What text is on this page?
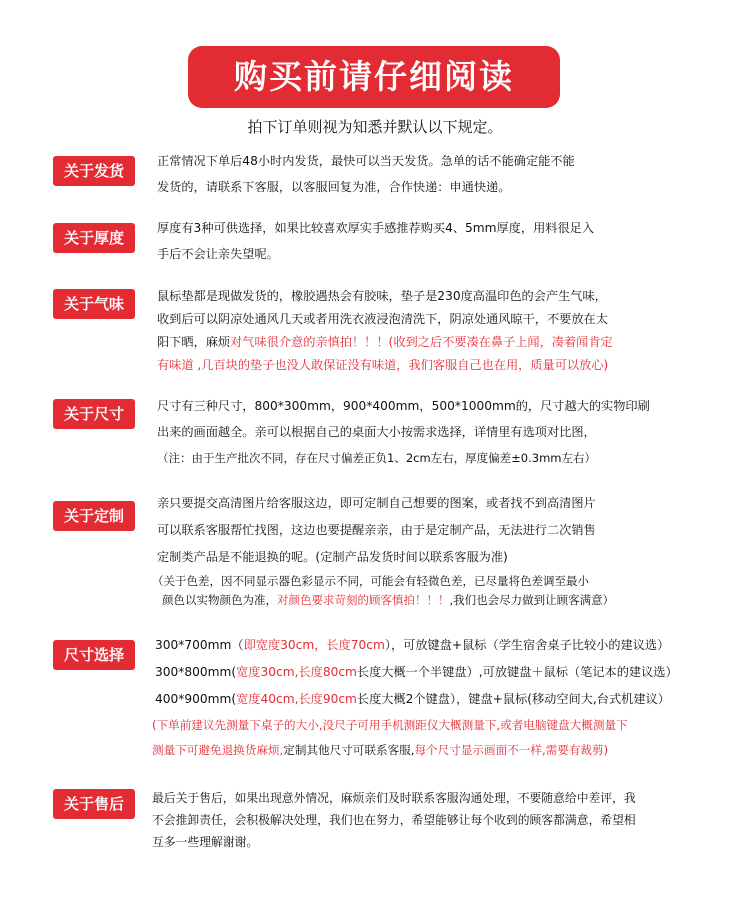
购买前请仔细阅读
拍下订单则视为知悉并默认以下规定。
关于发货
正常情况下单后48小时内发货，最快可以当天发货。急单的话不能确定能不能
发货的，请联系下客服，以客服回复为准，合作快递：申通快递。
关于厚度
厚度有3种可供选择，如果比较喜欢厚实手感推荐购买4、5mm厚度，用料很足入
手后不会让亲失望呢。
关于气味	鼠标垫都是现做发货的，橡胶遇热会有胶味，垫子是230度高温印色的会产生气味，
收到后可以阴凉处通风几天或者用洗衣液浸泡清洗下，阴凉处通风晾干，不要放在太
阳下晒，麻烦对气味很介意的亲慎拍！！！(收到之后不要凑在鼻子上闻，凑着闻肯定
有味道 ,几百块的垫子也没人敢保证没有味道，我们客服自己也在用，质量可以放心)
关于尺寸	尺寸有三种尺寸，800*300mm，900*400mm，500*1000mm的，尺寸越大的实物印刷
出来的画面越全。亲可以根据自己的桌面大小按需求选择，详情里有选项对比图，
（注：由于生产批次不同，存在尺寸偏差正负1、2cm左右，厚度偏差±0.3mm左右）
关于定制
亲只要提交高清图片给客服这边，即可定制自己想要的图案，或者找不到高清图片
可以联系客服帮忙找图，这边也要提醒亲亲，由于是定制产品，无法进行二次销售
定制类产品是不能退换的呢。(定制产品发货时间以联系客服为准)
（关于色差，因不同显示器色彩显示不同，可能会有轻微色差，已尽量将色差调至最小
颜色以实物颜色为准，对颜色要求苛刻的顾客慎拍！！！,我们也会尽力做到让顾客满意）
尺寸选择
300*700mm（即宽度30cm，长度70cm），可放键盘+鼠标（学生宿舍桌子比较小的建议选）
300*800mm(宽度30cm,长度80cm长度大概一个半键盘）,可放键盘＋鼠标（笔记本的建议选）
400*900mm(宽度40cm,长度90cm长度大概2个键盘），键盘+鼠标(移动空间大,台式机建议）
(下单前建议先测量下桌子的大小,没尺子可用手机测距仪大概测量下,或者电脑键盘大概测量下
测量下可避免退换货麻烦,定制其他尺寸可联系客服,每个尺寸显示画面不一样,需要有裁剪)
关于售后	最后关于售后，如果出现意外情况，麻烦亲们及时联系客服沟通处理，不要随意给中差评，我
不会推卸责任，会积极解决处理，我们也在努力，希望能够让每个收到的顾客都满意，希望相
互多一些理解谢谢。
